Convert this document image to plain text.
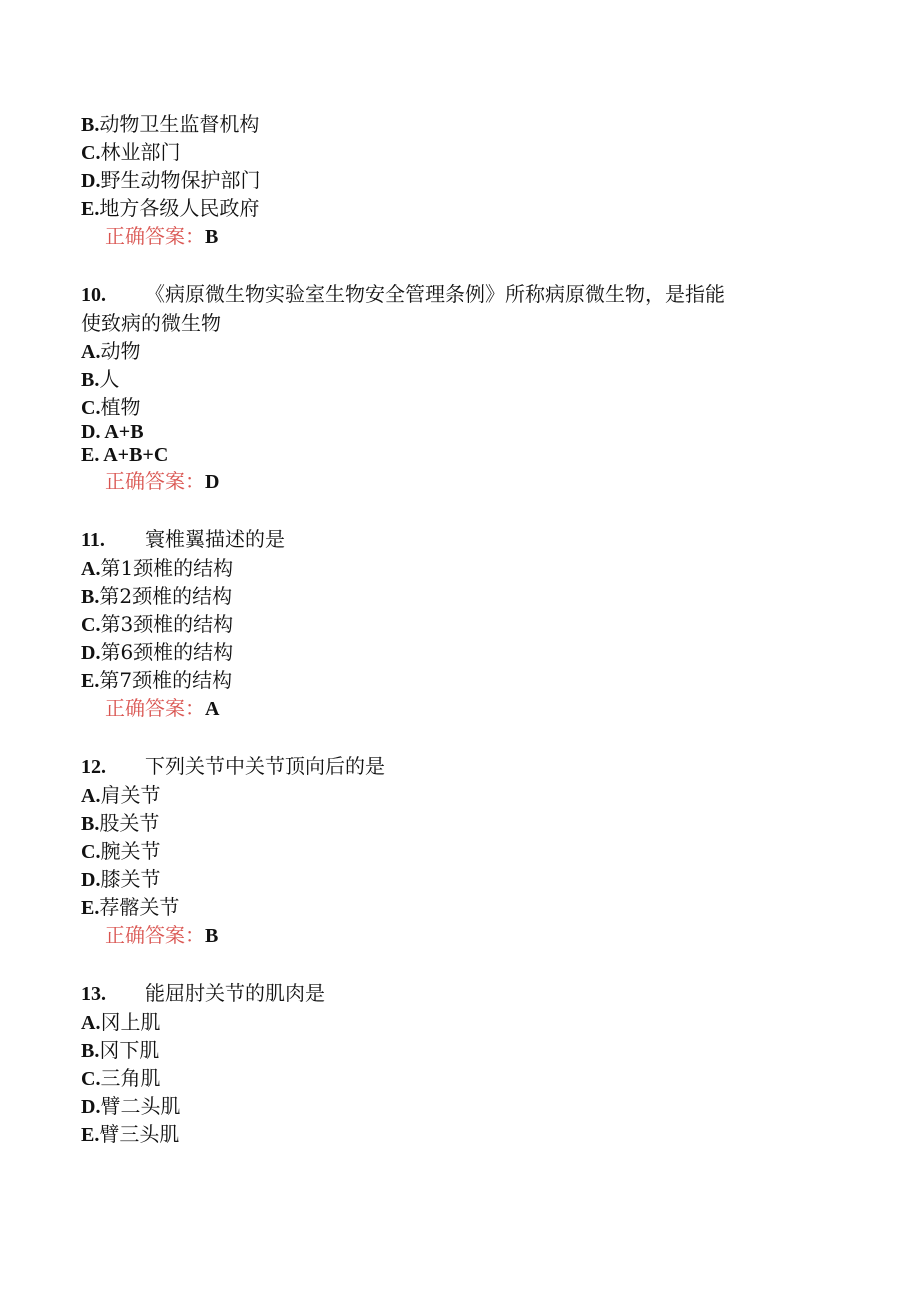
B.动物卫生监督机构
C.林业部门
D.野生动物保护部门
E.地方各级人民政府
正确答案：B
10. 《病原微生物实验室生物安全管理条例》所称病原微生物，是指能
使致病的微生物
A.动物
B.人
C.植物
D. A+B
E. A+B+C
正确答案：D
11. 寰椎翼描述的是
A.第1颈椎的结构
B.第2颈椎的结构
C.第3颈椎的结构
D.第6颈椎的结构
E.第7颈椎的结构
正确答案：A
12. 下列关节中关节顶向后的是
A.肩关节
B.股关节
C.腕关节
D.膝关节
E.荐髂关节
正确答案：B
13. 能屈肘关节的肌肉是
A.冈上肌
B.冈下肌
C.三角肌
D.臂二头肌
E.臂三头肌
